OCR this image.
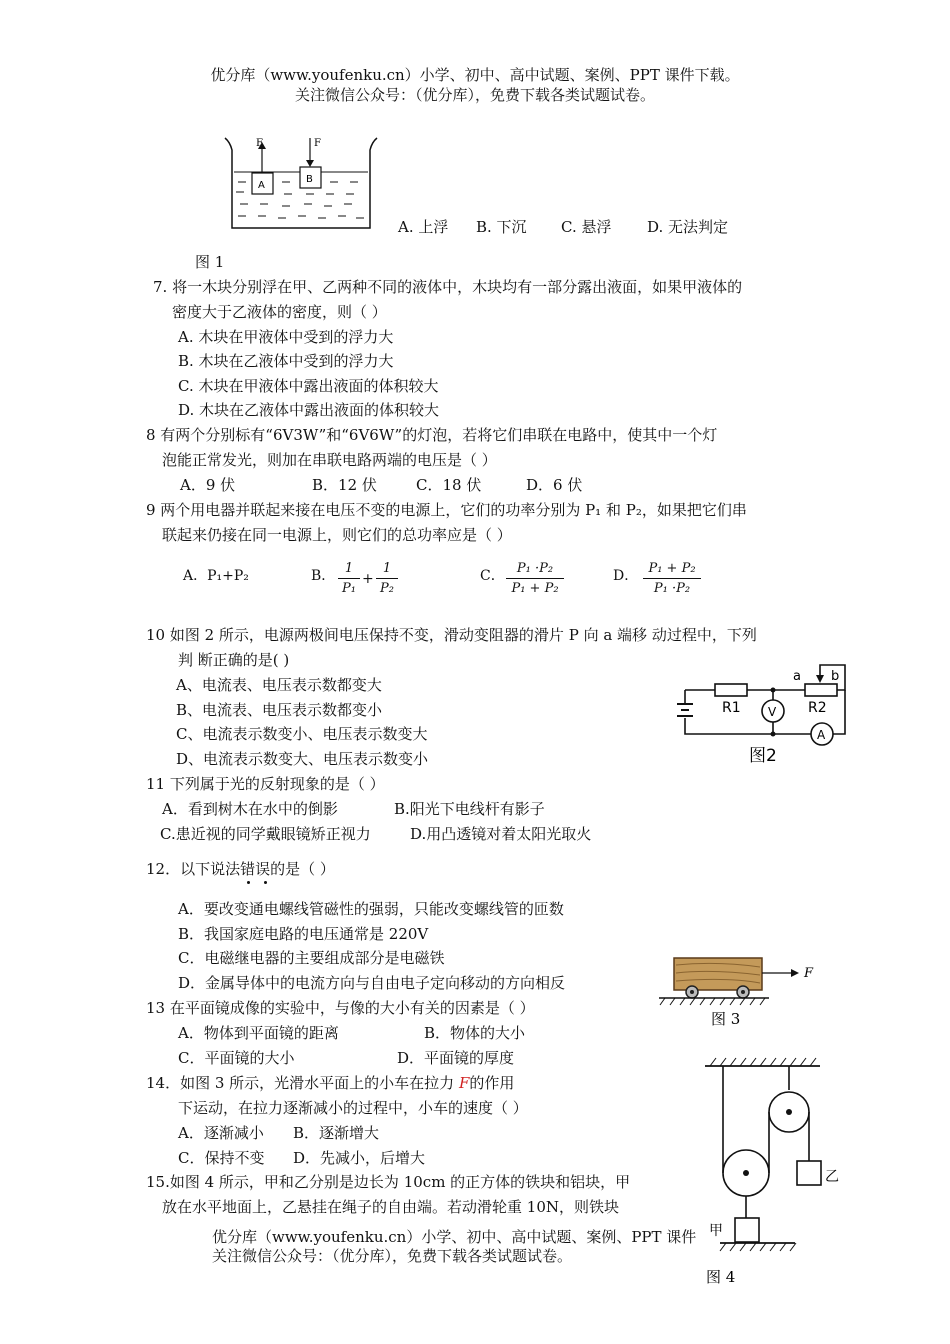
优分库（www.youfenku.cn）小学、初中、高中试题、案例、PPT 课件下载。
关注微信公众号：（优分库），免费下载各类试题试卷。
F	F
A
B
A. 上浮 B. 下沉 C. 悬浮 D. 无法判定
图 1
7. 将一木块分别浮在甲、乙两种不同的液体中，木块均有一部分露出液面，如果甲液体的
密度大于乙液体的密度，则（ ）
A. 木块在甲液体中受到的浮力大
B. 木块在乙液体中受到的浮力大
C. 木块在甲液体中露出液面的体积较大
D. 木块在乙液体中露出液面的体积较大
8 有两个分别标有“6V3W”和“6V6W”的灯泡，若将它们串联在电路中，使其中一个灯
泡能正常发光，则加在串联电路两端的电压是（ ）
A．9 伏	B．12 伏	C．18 伏	D．6 伏
9 两个用电器并联起来接在电压不变的电源上，它们的功率分别为 P₁ 和 P₂，如果把它们串
联起来仍接在同一电源上，则它们的总功率应是（ ）
A．P₁+P₂	B． 1
P₁
+
1
P₂
C． P₁ ·P₂
P₁ + P₂
D． P₁ + P₂
P₁ ·P₂
10 如图 2 所示，电源两极间电压保持不变，滑动变阻器的滑片 P 向 a 端移 动过程中，下列
判 断正确的是( )
A、电流表、电压表示数都变大
B、电流表、电压表示数都变小
C、电流表示数变小、电压表示数变大
D、电流表示数变大、电压表示数变小
R1	R2
a b
V
A
图2
11 下列属于光的反射现象的是（ ）
A．看到树木在水中的倒影	B.阳光下电线杆有影子
C.患近视的同学戴眼镜矫正视力	D.用凸透镜对着太阳光取火
12．以下说法错误的是（ ）
A．要改变通电螺线管磁性的强弱，只能改变螺线管的匝数
B．我国家庭电路的电压通常是 220V
C．电磁继电器的主要组成部分是电磁铁
D．金属导体中的电流方向与自由电子定向移动的方向相反
F
图 3
13 在平面镜成像的实验中，与像的大小有关的因素是（ ）
A．物体到平面镜的距离	B．物体的大小
C．平面镜的大小	D．平面镜的厚度
14．如图 3 所示，光滑水平面上的小车在拉力 F的作用
下运动，在拉力逐渐减小的过程中，小车的速度（ ）
A．逐渐减小 B．逐渐增大
C．保持不变 D．先减小，后增大
15.如图 4 所示，甲和乙分别是边长为 10cm 的正方体的铁块和铝块，甲
放在水平地面上，乙悬挂在绳子的自由端。若动滑轮重 10N，则铁块
甲
乙
图 4
优分库（www.youfenku.cn）小学、初中、高中试题、案例、PPT 课件
关注微信公众号：（优分库），免费下载各类试题试卷。
